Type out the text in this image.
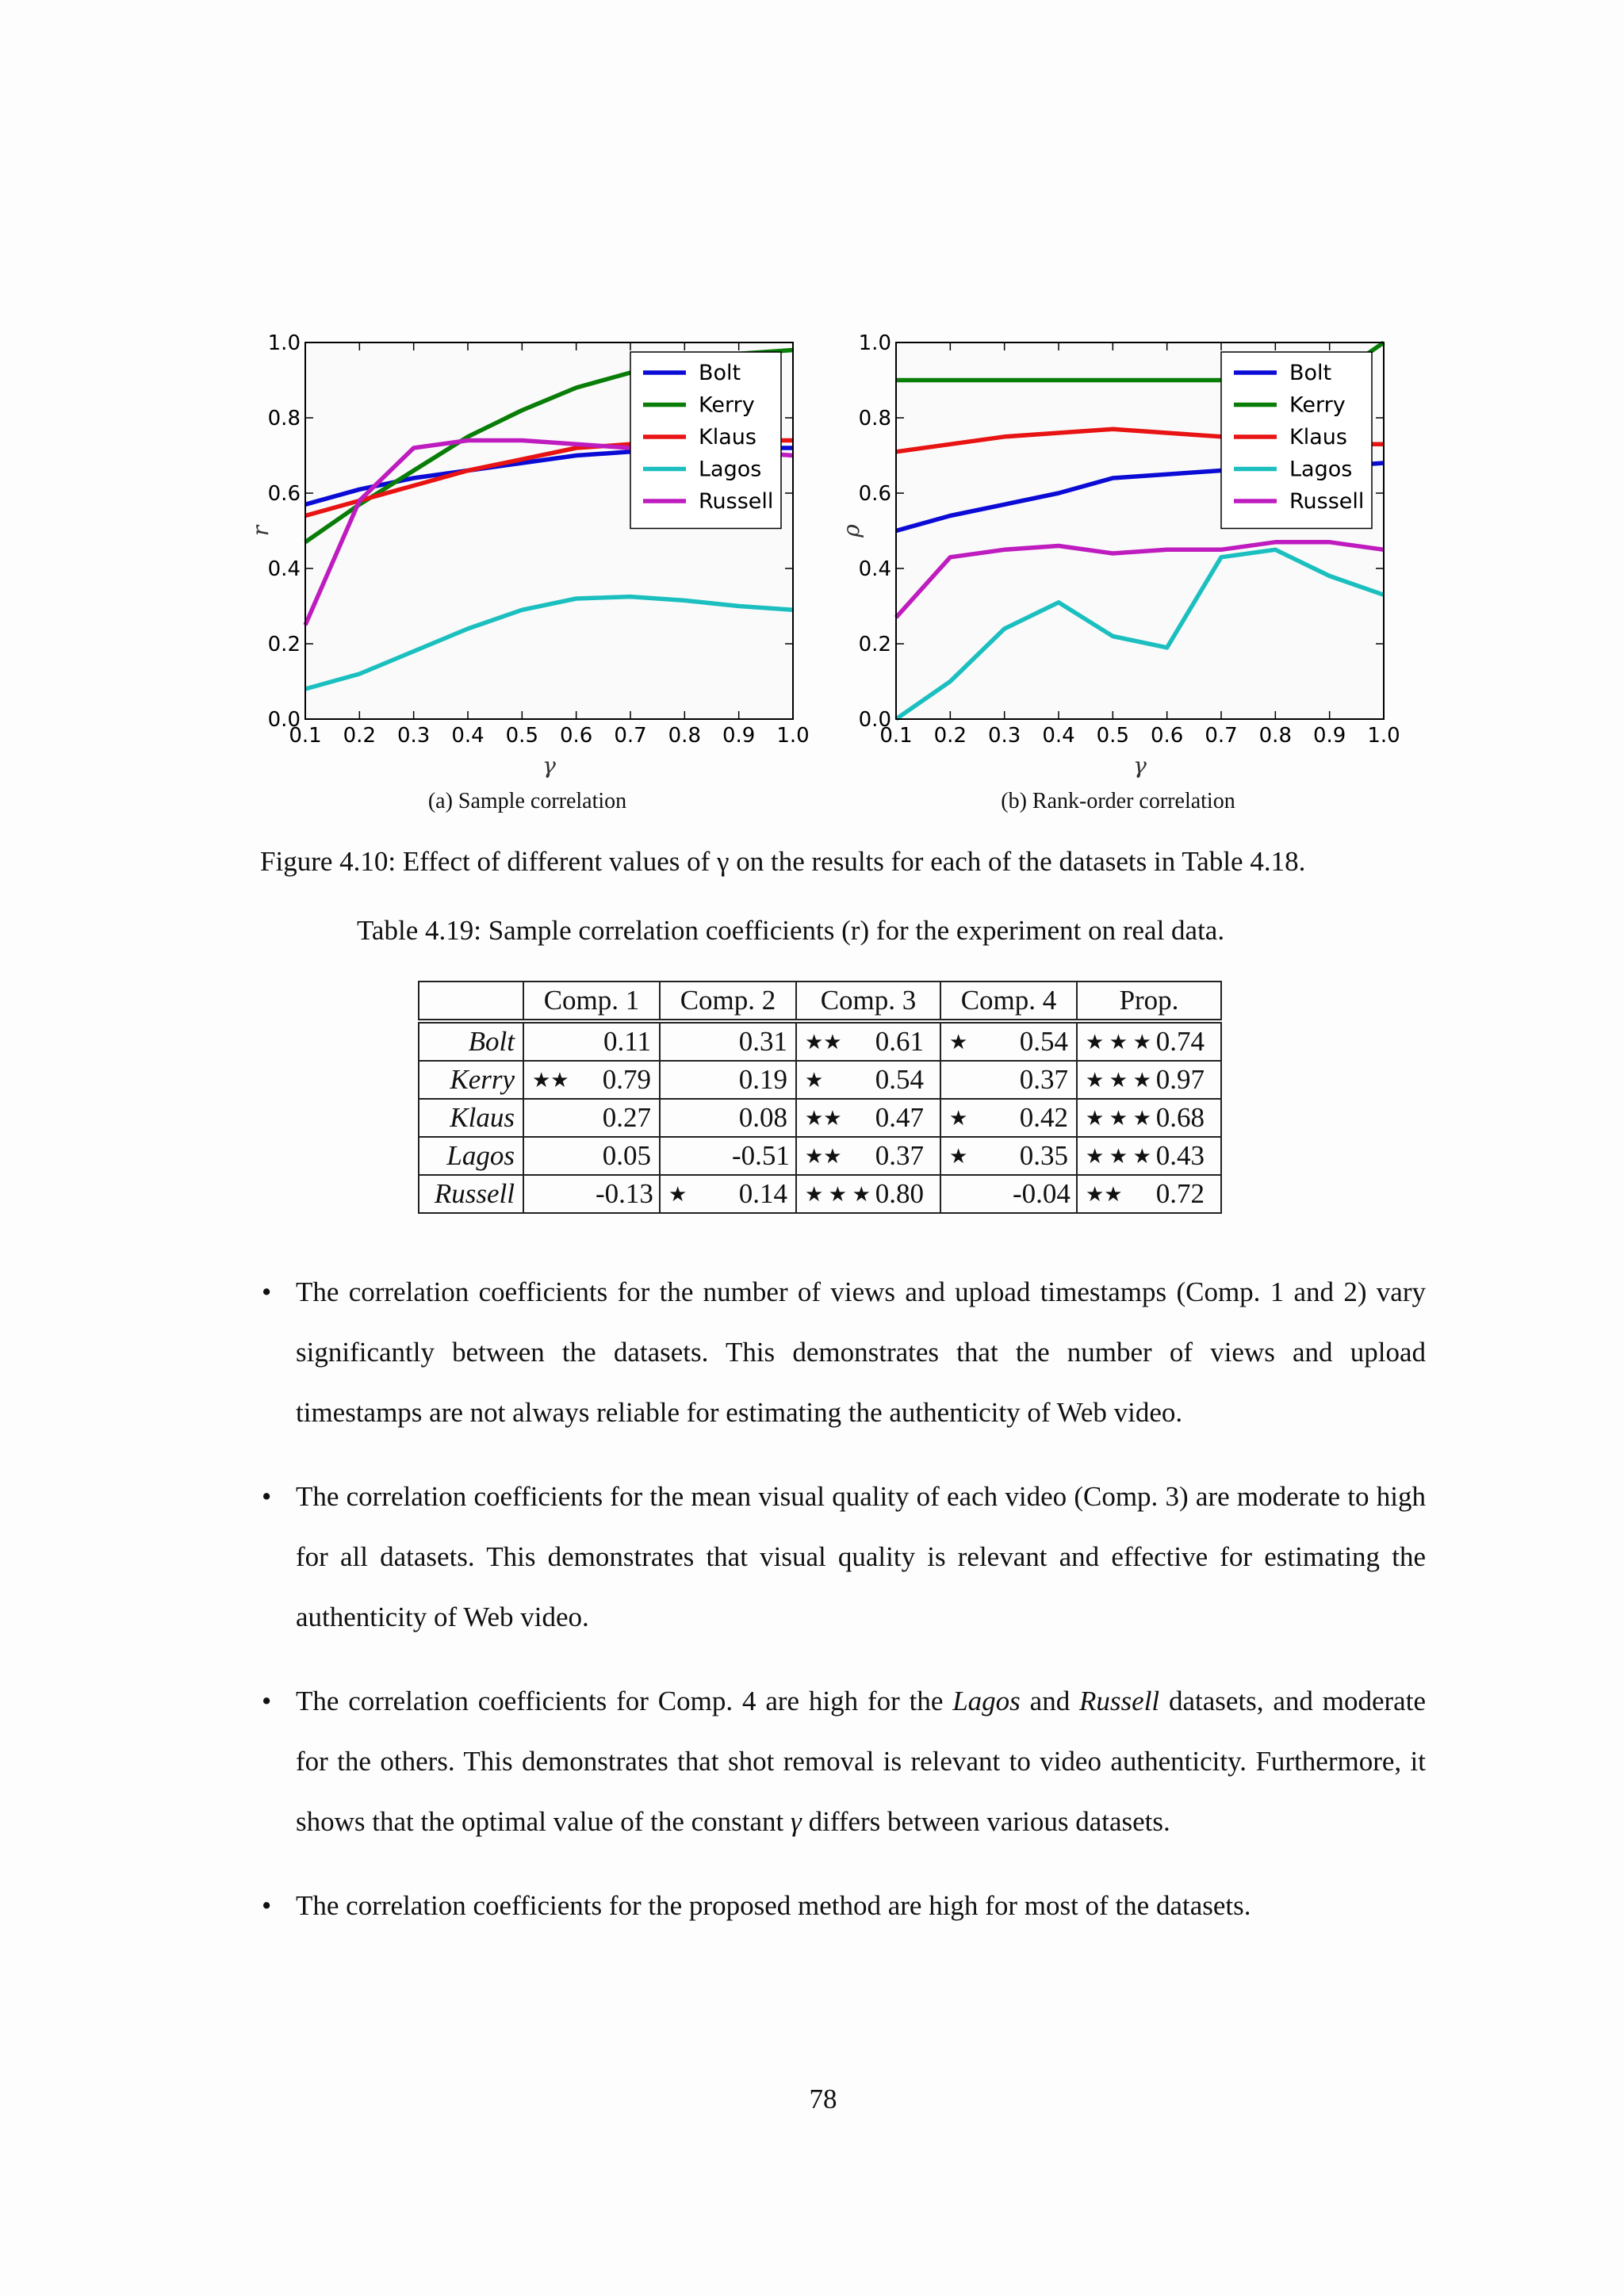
0.1 0.2 0.3 0.4 0.5 0.6 0.7 0.8 0.9 1.0
0.0
0.2
0.4
0.6
0.8
1.0
γ
r
Bolt
Kerry
Klaus
Lagos
Russell
0.1 0.2 0.3 0.4 0.5 0.6 0.7 0.8 0.9 1.0
0.0
0.2
0.4
0.6
0.8
1.0
γ
ρ
Bolt
Kerry
Klaus
Lagos
Russell
(a) Sample correlation	(b) Rank-order correlation
Figure 4.10: Effect of different values of γ on the results for each of the datasets in Table 4.18.
Table 4.19: Sample correlation coefficients (r) for the experiment on real data.
	Comp. 1	Comp. 2	Comp. 3	Comp. 4	Prop.
Bolt	0.11	0.31	★★ 0.61	★ 0.54	★ ★ ★ 0.74
Kerry	★★ 0.79	0.19	★ 0.54	0.37	★ ★ ★ 0.97
Klaus	0.27	0.08	★★ 0.47	★ 0.42	★ ★ ★ 0.68
Lagos	0.05	-0.51	★★ 0.37	★ 0.35	★ ★ ★ 0.43
Russell	-0.13	★ 0.14	★ ★ ★ 0.80	-0.04	★★ 0.72
• The correlation coefficients for the number of views and upload timestamps (Comp. 1 and 2) vary significantly between the datasets. This demonstrates that the number of views and upload timestamps are not always reliable for estimating the authenticity of Web video.
• The correlation coefficients for the mean visual quality of each video (Comp. 3) are moderate to high for all datasets. This demonstrates that visual quality is relevant and effective for estimating the authenticity of Web video.
• The correlation coefficients for Comp. 4 are high for the Lagos and Russell datasets, and moderate for the others. This demonstrates that shot removal is relevant to video authenticity. Furthermore, it shows that the optimal value of the constant γ differs between various datasets.
• The correlation coefficients for the proposed method are high for most of the datasets.
78
